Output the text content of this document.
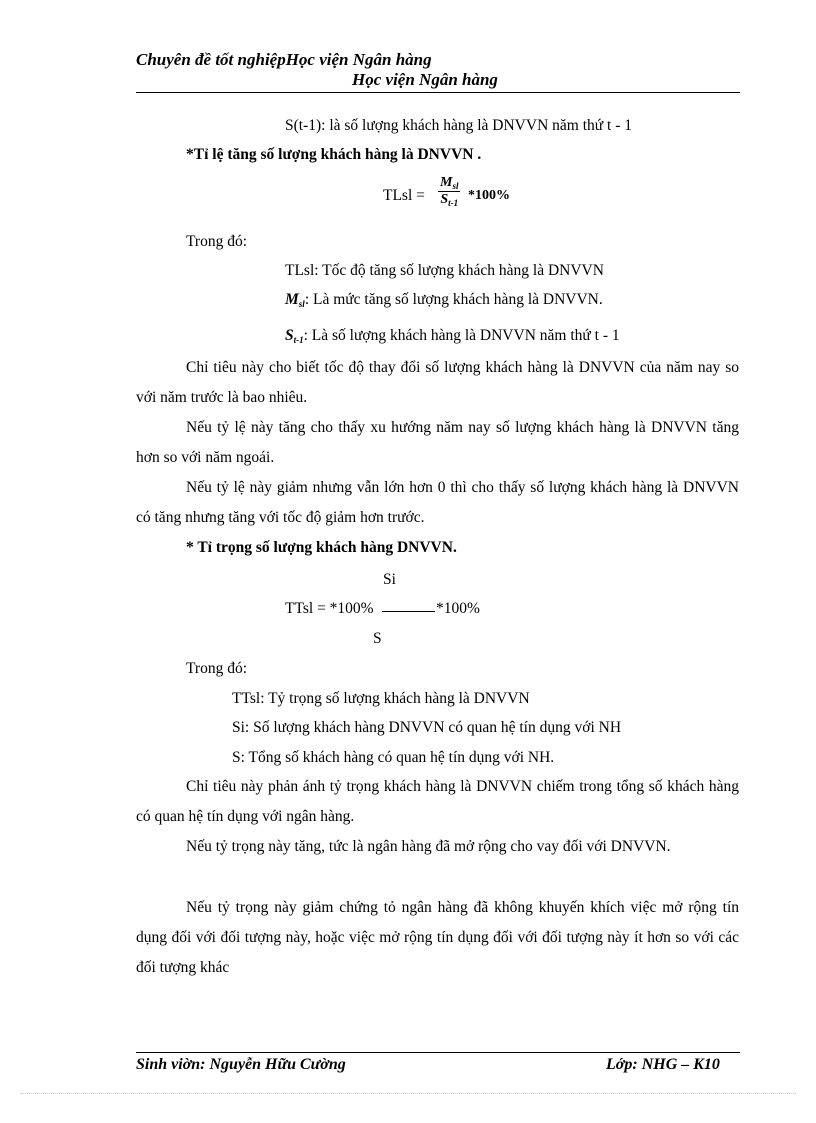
Chuyên đề tốt nghiệpHọc viện Ngân hàng
Học viện Ngân hàng
S(t-1): là số lượng khách hàng là DNVVN năm thứ t - 1
*Tỉ lệ tăng số lượng khách hàng là DNVVN .
TLsl =
$M_{sl}$
$S_{t-1}$ *100%
Trong đó:
TLsl: Tốc độ tăng số lượng khách hàng là DNVVN
$M_{sl}$: Là mức tăng số lượng khách hàng là DNVVN.
$S_{t-1}$: Là số lượng khách hàng là DNVVN năm thứ t - 1
Chỉ tiêu này cho biết tốc độ thay đổi số lượng khách hàng là DNVVN của năm nay so với năm trước là bao nhiêu.
Nếu tỷ lệ này tăng cho thấy xu hướng năm nay số lượng khách hàng là DNVVN tăng hơn so với năm ngoái.
Nếu tỷ lệ này giảm nhưng vẫn lớn hơn 0 thì cho thấy số lượng khách hàng là DNVVN có tăng nhưng tăng với tốc độ giảm hơn trước.
* Tỉ trọng số lượng khách hàng DNVVN.
Si
TTsl = *100%	*100%
S
Trong đó:
TTsl: Tỷ trọng số lượng khách hàng là DNVVN
Si: Số lượng khách hàng DNVVN có quan hệ tín dụng với NH
S: Tổng số khách hàng có quan hệ tín dụng với NH.
Chỉ tiêu này phản ánh tỷ trọng khách hàng là DNVVN chiếm trong tổng số khách hàng có quan hệ tín dụng với ngân hàng.
Nếu tỷ trọng này tăng, tức là ngân hàng đã mở rộng cho vay đối với DNVVN.
Nếu tỷ trọng này giảm chứng tỏ ngân hàng đã không khuyến khích việc mở rộng tín dụng đối với đối tượng này, hoặc việc mở rộng tín dụng đối với đối tượng này ít hơn so với các đối tượng khác
Sinh viờn: Nguyễn Hữu Cường	Lớp: NHG – K10
